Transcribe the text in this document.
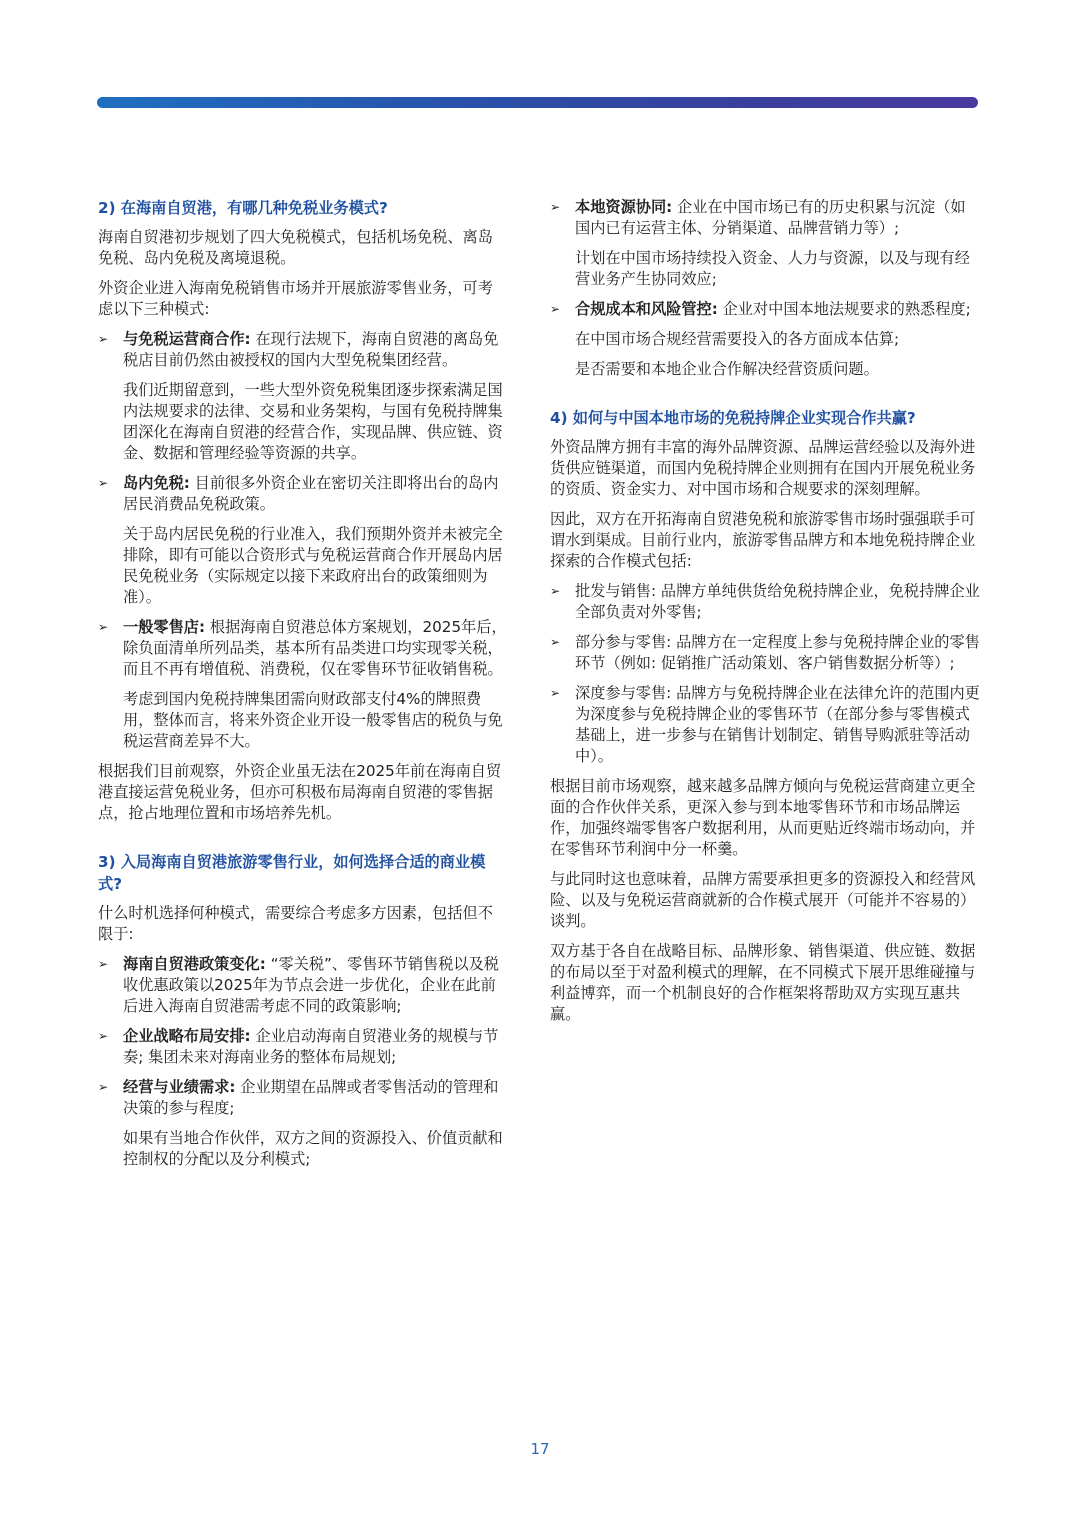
2) 在海南自贸港，有哪几种免税业务模式?
海南自贸港初步规划了四大免税模式，包括机场免税、离岛免税、岛内免税及离境退税。
外资企业进入海南免税销售市场并开展旅游零售业务，可考虑以下三种模式:
➢ 与免税运营商合作: 在现行法规下，海南自贸港的离岛免税店目前仍然由被授权的国内大型免税集团经营。
我们近期留意到，一些大型外资免税集团逐步探索满足国内法规要求的法律、交易和业务架构，与国有免税持牌集团深化在海南自贸港的经营合作，实现品牌、供应链、资金、数据和管理经验等资源的共享。
➢ 岛内免税: 目前很多外资企业在密切关注即将出台的岛内居民消费品免税政策。
关于岛内居民免税的行业准入，我们预期外资并未被完全排除，即有可能以合资形式与免税运营商合作开展岛内居民免税业务（实际规定以接下来政府出台的政策细则为准）。
➢ 一般零售店: 根据海南自贸港总体方案规划，2025年后，除负面清单所列品类，基本所有品类进口均实现零关税，而且不再有增值税、消费税，仅在零售环节征收销售税。
考虑到国内免税持牌集团需向财政部支付4%的牌照费用，整体而言，将来外资企业开设一般零售店的税负与免税运营商差异不大。
根据我们目前观察，外资企业虽无法在2025年前在海南自贸港直接运营免税业务，但亦可积极布局海南自贸港的零售据点，抢占地理位置和市场培养先机。
3) 入局海南自贸港旅游零售行业，如何选择合适的商业模式?
什么时机选择何种模式，需要综合考虑多方因素，包括但不限于:
➢ 海南自贸港政策变化: “零关税”、零售环节销售税以及税收优惠政策以2025年为节点会进一步优化，企业在此前后进入海南自贸港需考虑不同的政策影响;
➢ 企业战略布局安排: 企业启动海南自贸港业务的规模与节奏; 集团未来对海南业务的整体布局规划;
➢ 经营与业绩需求: 企业期望在品牌或者零售活动的管理和决策的参与程度;
如果有当地合作伙伴，双方之间的资源投入、价值贡献和控制权的分配以及分利模式;
➢ 本地资源协同: 企业在中国市场已有的历史积累与沉淀（如国内已有运营主体、分销渠道、品牌营销力等）;
计划在中国市场持续投入资金、人力与资源，以及与现有经营业务产生协同效应;
➢ 合规成本和风险管控: 企业对中国本地法规要求的熟悉程度;
在中国市场合规经营需要投入的各方面成本估算;
是否需要和本地企业合作解决经营资质问题。
4) 如何与中国本地市场的免税持牌企业实现合作共赢?
外资品牌方拥有丰富的海外品牌资源、品牌运营经验以及海外进货供应链渠道，而国内免税持牌企业则拥有在国内开展免税业务的资质、资金实力、对中国市场和合规要求的深刻理解。
因此，双方在开拓海南自贸港免税和旅游零售市场时强强联手可谓水到渠成。目前行业内，旅游零售品牌方和本地免税持牌企业探索的合作模式包括:
➢ 批发与销售: 品牌方单纯供货给免税持牌企业，免税持牌企业全部负责对外零售;
➢ 部分参与零售: 品牌方在一定程度上参与免税持牌企业的零售环节（例如: 促销推广活动策划、客户销售数据分析等）;
➢ 深度参与零售: 品牌方与免税持牌企业在法律允许的范围内更为深度参与免税持牌企业的零售环节（在部分参与零售模式基础上，进一步参与在销售计划制定、销售导购派驻等活动中）。
根据目前市场观察，越来越多品牌方倾向与免税运营商建立更全面的合作伙伴关系，更深入参与到本地零售环节和市场品牌运作，加强终端零售客户数据利用，从而更贴近终端市场动向，并在零售环节利润中分一杯羹。
与此同时这也意味着，品牌方需要承担更多的资源投入和经营风险、以及与免税运营商就新的合作模式展开（可能并不容易的）谈判。
双方基于各自在战略目标、品牌形象、销售渠道、供应链、数据的布局以至于对盈利模式的理解，在不同模式下展开思维碰撞与利益博弈，而一个机制良好的合作框架将帮助双方实现互惠共赢。
17
